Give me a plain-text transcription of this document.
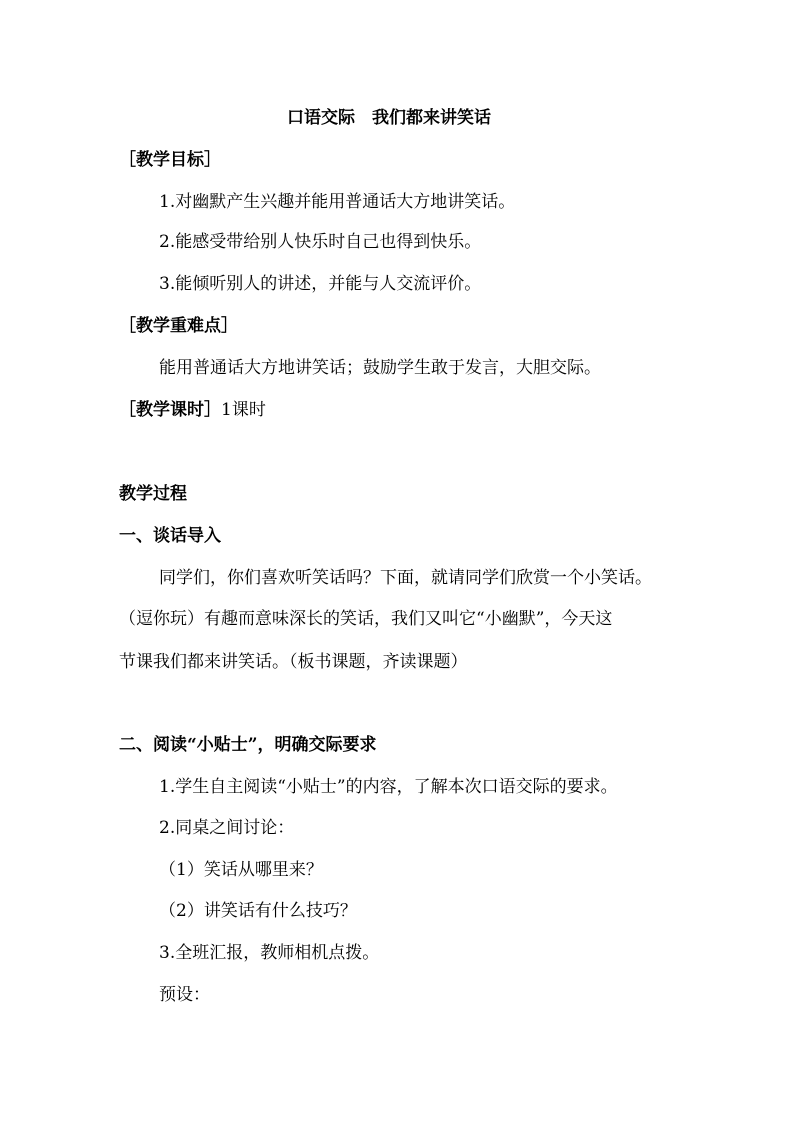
口语交际　我们都来讲笑话
［教学目标］
1.对幽默产生兴趣并能用普通话大方地讲笑话。
2.能感受带给别人快乐时自己也得到快乐。
3.能倾听别人的讲述，并能与人交流评价。
［教学重难点］
能用普通话大方地讲笑话；鼓励学生敢于发言，大胆交际。
［教学课时］1课时
教学过程
一、谈话导入
同学们，你们喜欢听笑话吗？下面，就请同学们欣赏一个小笑话。
（逗你玩）有趣而意味深长的笑话，我们又叫它“小幽默”，今天这
节课我们都来讲笑话。（板书课题，齐读课题）
二、阅读“小贴士”，明确交际要求
1.学生自主阅读“小贴士”的内容，了解本次口语交际的要求。
2.同桌之间讨论：
（1）笑话从哪里来？
（2）讲笑话有什么技巧？
3.全班汇报，教师相机点拨。
预设：
